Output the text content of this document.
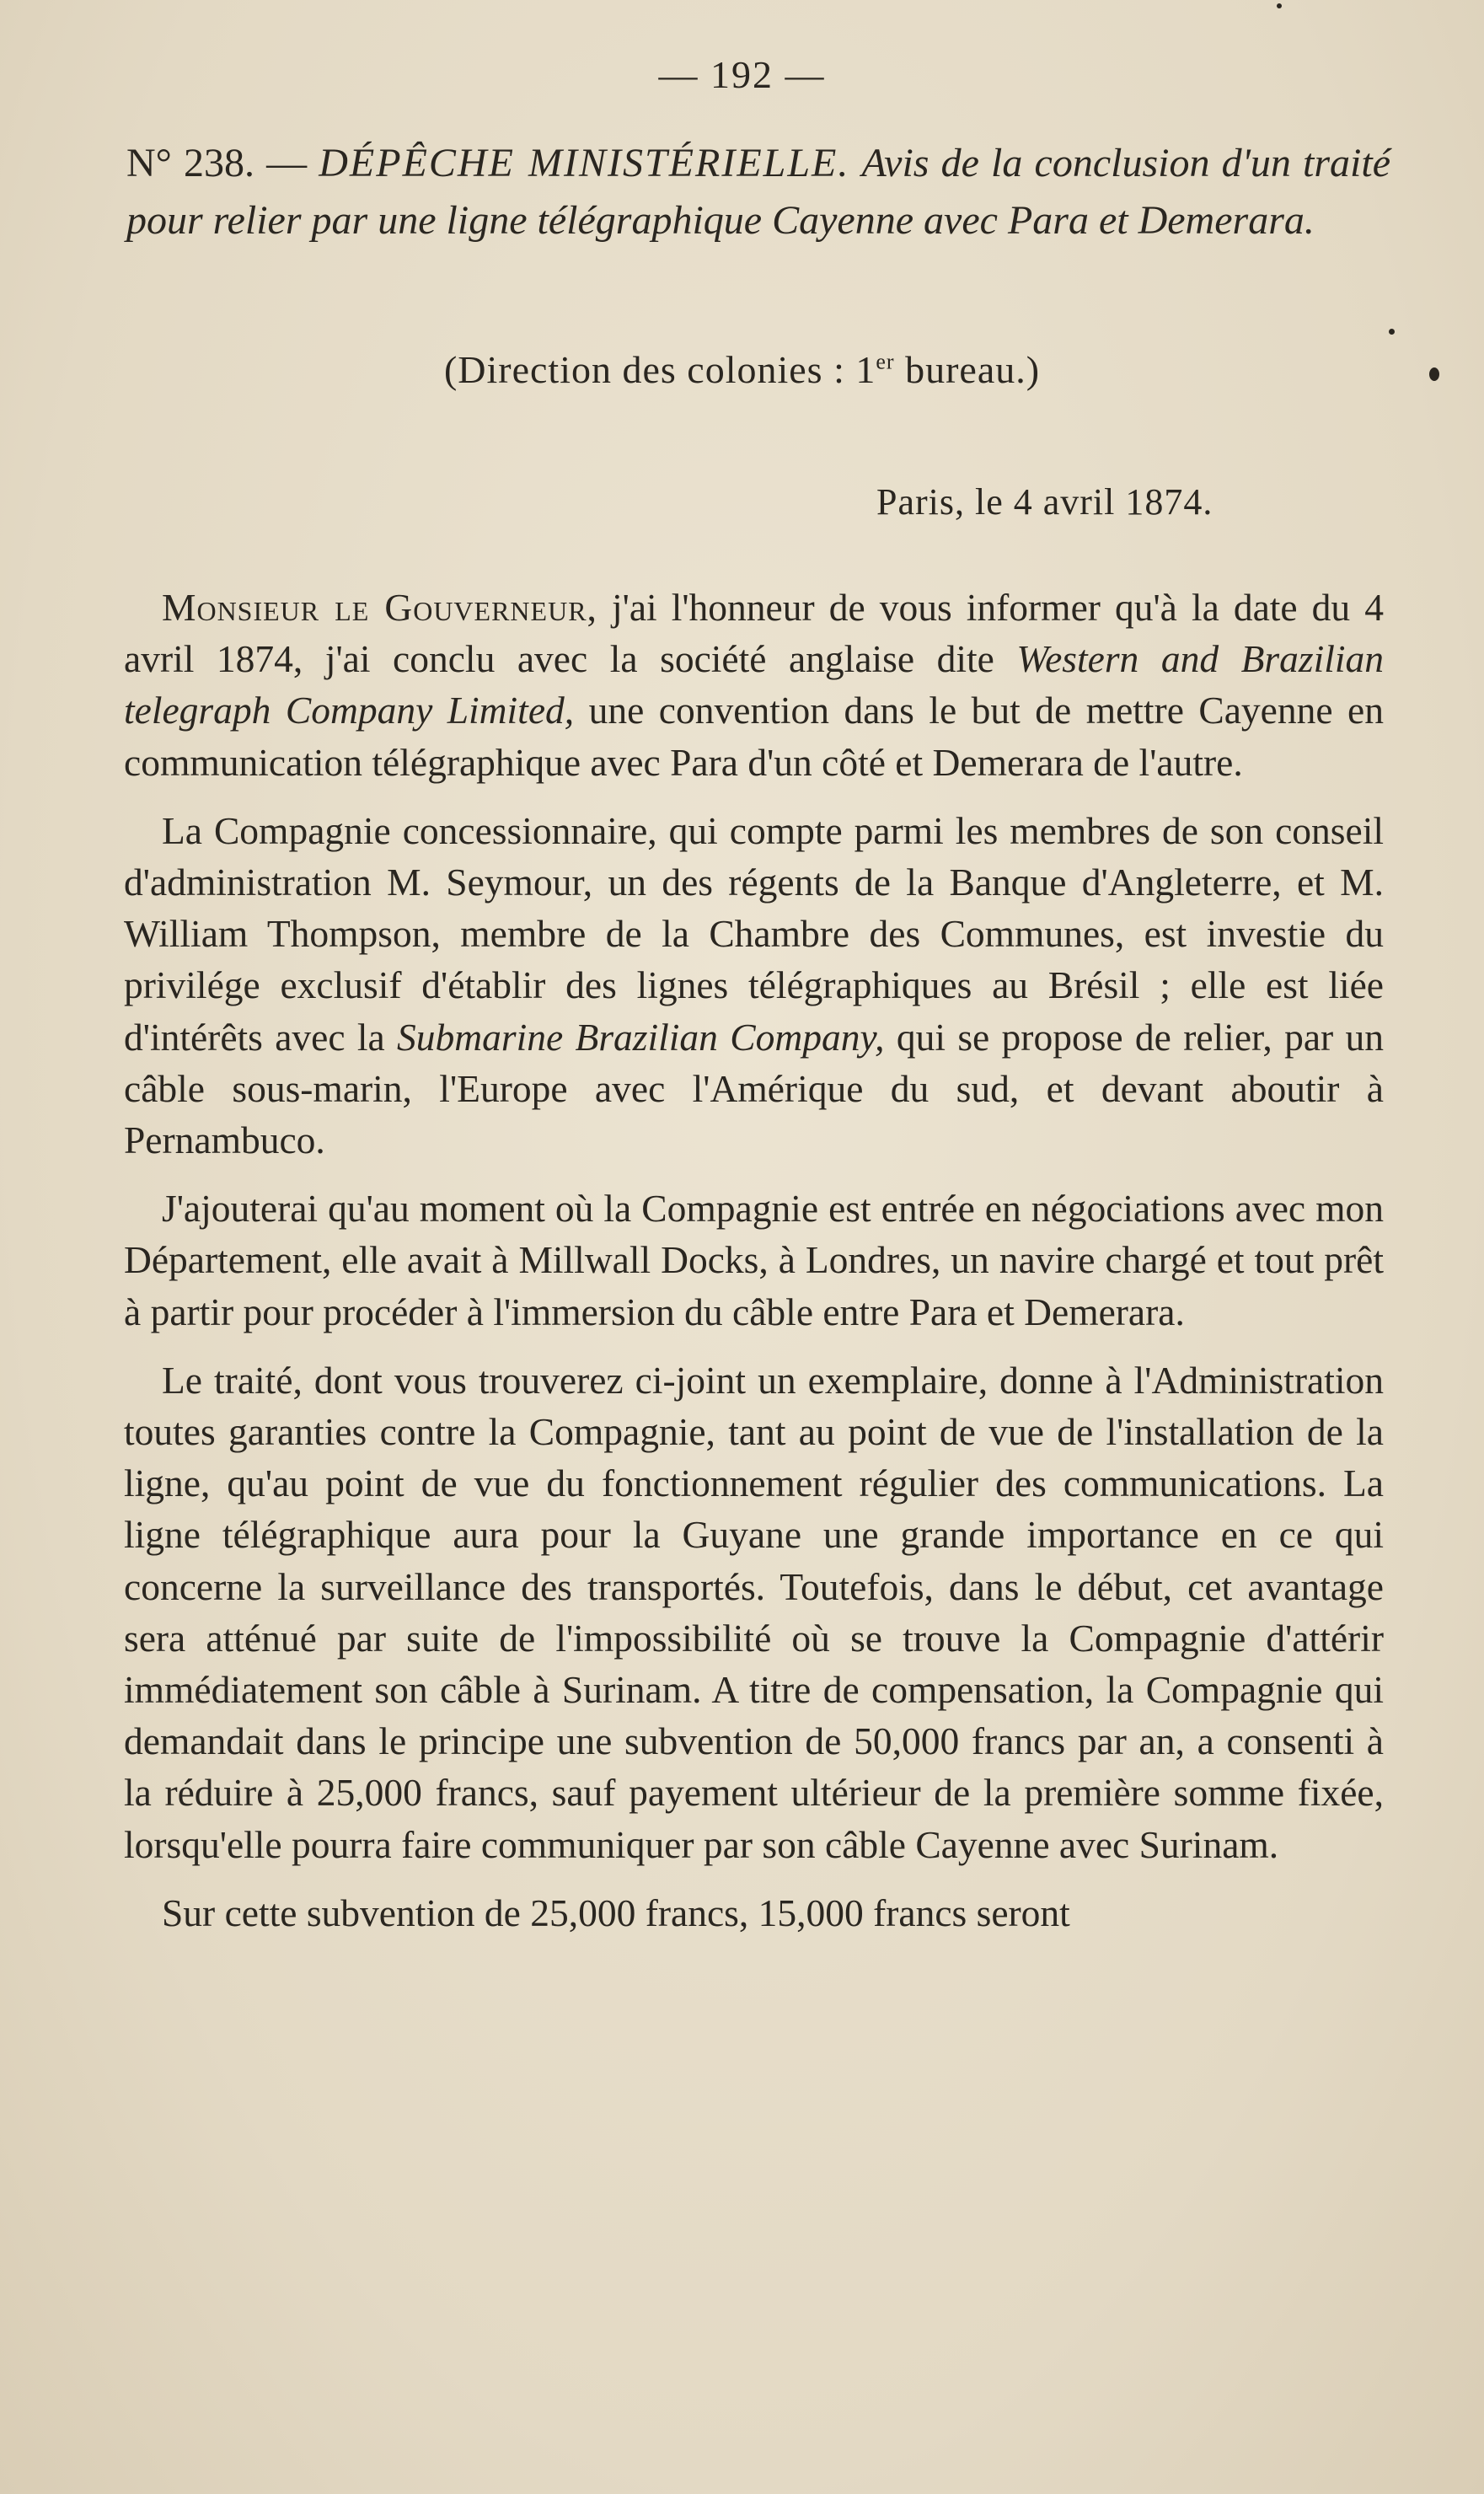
— 192 —
N° 238. — DÉPÊCHE MINISTÉRIELLE. Avis de la conclusion d'un traité pour relier par une ligne télégraphique Cayenne avec Para et Demerara.
(Direction des colonies : 1er bureau.)
Paris, le 4 avril 1874.

Monsieur le Gouverneur, j'ai l'honneur de vous informer qu'à la date du 4 avril 1874, j'ai conclu avec la société anglaise dite Western and Brazilian telegraph Company Limited, une convention dans le but de mettre Cayenne en communication télégraphique avec Para d'un côté et Demerara de l'autre.

La Compagnie concessionnaire, qui compte parmi les membres de son conseil d'administration M. Seymour, un des régents de la Banque d'Angleterre, et M. William Thompson, membre de la Chambre des Communes, est investie du privilége exclusif d'établir des lignes télégraphiques au Brésil ; elle est liée d'intérêts avec la Submarine Brazilian Company, qui se propose de relier, par un câble sous-marin, l'Europe avec l'Amérique du sud, et devant aboutir à Pernambuco.

J'ajouterai qu'au moment où la Compagnie est entrée en négociations avec mon Département, elle avait à Millwall Docks, à Londres, un navire chargé et tout prêt à partir pour procéder à l'immersion du câble entre Para et Demerara.

Le traité, dont vous trouverez ci-joint un exemplaire, donne à l'Administration toutes garanties contre la Compagnie, tant au point de vue de l'installation de la ligne, qu'au point de vue du fonctionnement régulier des communications. La ligne télégraphique aura pour la Guyane une grande importance en ce qui concerne la surveillance des transportés. Toutefois, dans le début, cet avantage sera atténué par suite de l'impossibilité où se trouve la Compagnie d'attérir immédiatement son câble à Surinam. A titre de compensation, la Compagnie qui demandait dans le principe une subvention de 50,000 francs par an, a consenti à la réduire à 25,000 francs, sauf payement ultérieur de la première somme fixée, lorsqu'elle pourra faire communiquer par son câble Cayenne avec Surinam.

Sur cette subvention de 25,000 francs, 15,000 francs seront
